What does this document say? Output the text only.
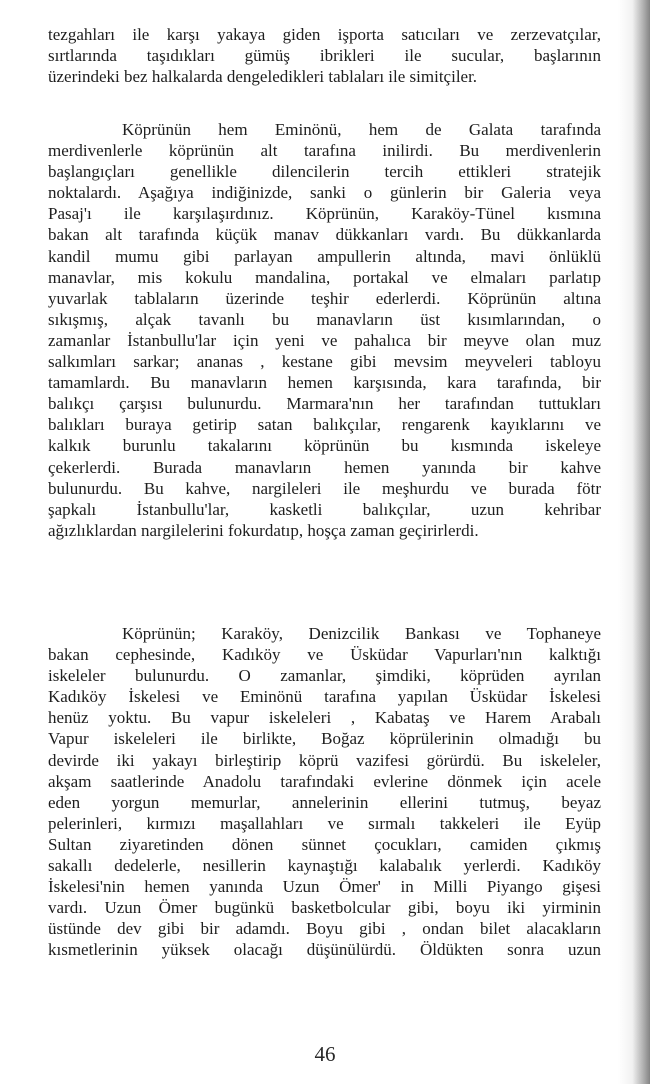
tezgahları ile karşı yakaya giden işporta satıcıları ve zerzevatçılar,
sırtlarında taşıdıkları gümüş ibrikleri ile sucular, başlarının
üzerindeki bez halkalarda dengeledikleri tablaları ile simitçiler.
Köprünün hem Eminönü, hem de Galata tarafında
merdivenlerle köprünün alt tarafına inilirdi. Bu merdivenlerin
başlangıçları genellikle dilencilerin tercih ettikleri stratejik
noktalardı. Aşağıya indiğinizde, sanki o günlerin bir Galeria veya
Pasaj'ı ile karşılaşırdınız. Köprünün, Karaköy-Tünel kısmına
bakan alt tarafında küçük manav dükkanları vardı. Bu dükkanlarda
kandil mumu gibi parlayan ampullerin altında, mavi önlüklü
manavlar, mis kokulu mandalina, portakal ve elmaları parlatıp
yuvarlak tablaların üzerinde teşhir ederlerdi. Köprünün altına
sıkışmış, alçak tavanlı bu manavların üst kısımlarından, o
zamanlar İstanbullu'lar için yeni ve pahalıca bir meyve olan muz
salkımları sarkar; ananas , kestane gibi mevsim meyveleri tabloyu
tamamlardı. Bu manavların hemen karşısında, kara tarafında, bir
balıkçı çarşısı bulunurdu. Marmara'nın her tarafından tuttukları
balıkları buraya getirip satan balıkçılar, rengarenk kayıklarını ve
kalkık burunlu takalarını köprünün bu kısmında iskeleye
çekerlerdi. Burada manavların hemen yanında bir kahve
bulunurdu. Bu kahve, nargileleri ile meşhurdu ve burada fötr
şapkalı İstanbullu'lar, kasketli balıkçılar, uzun kehribar
ağızlıklardan nargilelerini fokurdatıp, hoşça zaman geçirirlerdi.
Köprünün; Karaköy, Denizcilik Bankası ve Tophaneye
bakan cephesinde, Kadıköy ve Üsküdar Vapurları'nın kalktığı
iskeleler bulunurdu. O zamanlar, şimdiki, köprüden ayrılan
Kadıköy İskelesi ve Eminönü tarafına yapılan Üsküdar İskelesi
henüz yoktu. Bu vapur iskeleleri , Kabataş ve Harem Arabalı
Vapur iskeleleri ile birlikte, Boğaz köprülerinin olmadığı bu
devirde iki yakayı birleştirip köprü vazifesi görürdü. Bu iskeleler,
akşam saatlerinde Anadolu tarafındaki evlerine dönmek için acele
eden yorgun memurlar, annelerinin ellerini tutmuş, beyaz
pelerinleri, kırmızı maşallahları ve sırmalı takkeleri ile Eyüp
Sultan ziyaretinden dönen sünnet çocukları, camiden çıkmış
sakallı dedelerle, nesillerin kaynaştığı kalabalık yerlerdi. Kadıköy
İskelesi'nin hemen yanında Uzun Ömer' in Milli Piyango gişesi
vardı. Uzun Ömer bugünkü basketbolcular gibi, boyu iki yirminin
üstünde dev gibi bir adamdı. Boyu gibi , ondan bilet alacakların
kısmetlerinin yüksek olacağı düşünülürdü. Öldükten sonra uzun
46
